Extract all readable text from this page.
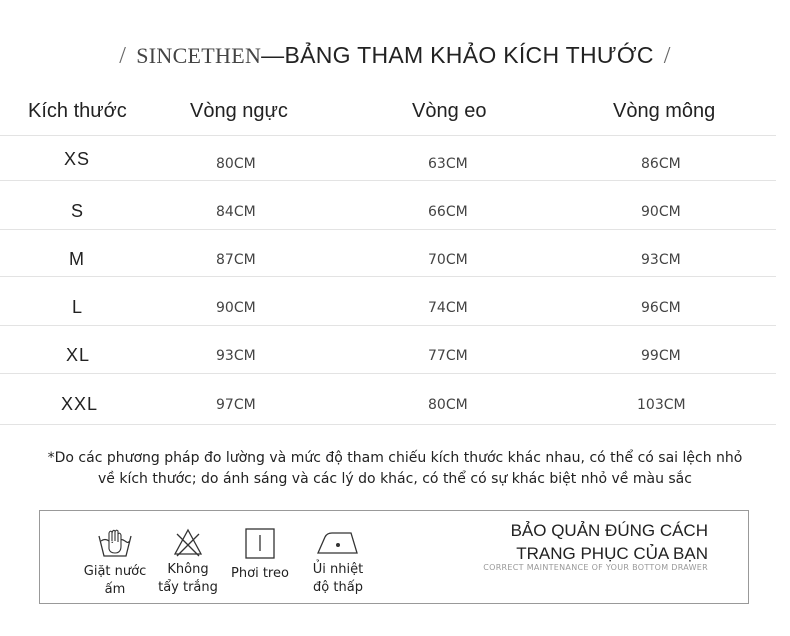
/ SINCETHEN—BẢNG THAM KHẢO KÍCH THƯỚC /
Kích thước	Vòng ngực	Vòng eo	Vòng mông
XS	80CM	63CM	86CM
S	84CM	66CM	90CM
M	87CM	70CM	93CM
L	90CM	74CM	96CM
XL	93CM	77CM	99CM
XXL	97CM	80CM	103CM
*Do các phương pháp đo lường và mức độ tham chiếu kích thước khác nhau, có thể có sai lệch nhỏ
về kích thước; do ánh sáng và các lý do khác, có thể có sự khác biệt nhỏ về màu sắc
Giặt nước
ấm
Không
tẩy trắng
Phơi treo	Ủi nhiệt
độ thấp
BẢO QUẢN ĐÚNG CÁCH
TRANG PHỤC CỦA BẠN
CORRECT MAINTENANCE OF YOUR BOTTOM DRAWER
